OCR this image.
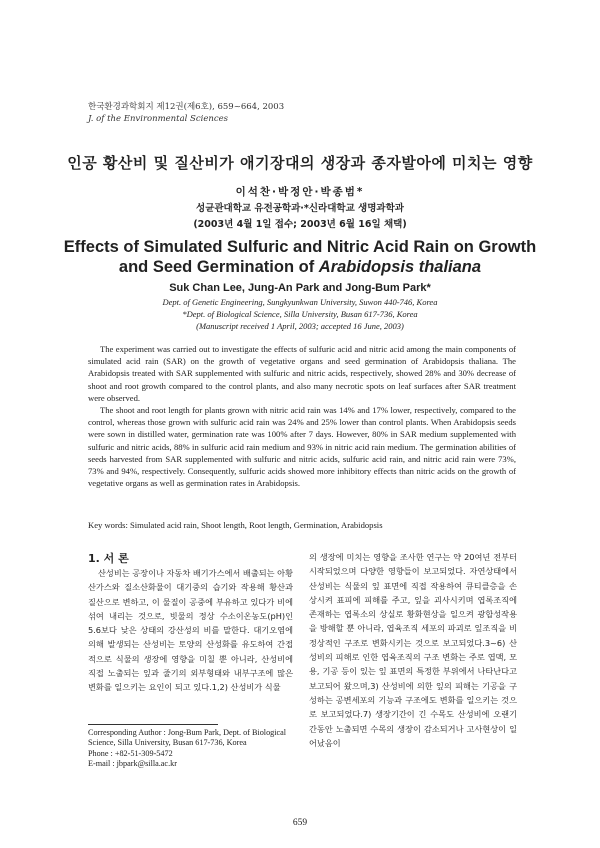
한국환경과학회지 제12권(제6호), 659~664, 2003
J. of the Environmental Sciences
인공 황산비 및 질산비가 애기장대의 생장과 종자발아에 미치는 영향
이석찬·박정안·박종범*
성균관대학교 유전공학과·*신라대학교 생명과학과
(2003년 4월 1일 접수; 2003년 6월 16일 채택)
Effects of Simulated Sulfuric and Nitric Acid Rain on Growth
and Seed Germination of Arabidopsis thaliana
Suk Chan Lee, Jung-An Park and Jong-Bum Park*
Dept. of Genetic Engineering, Sungkyunkwan University, Suwon 440-746, Korea
*Dept. of Biological Science, Silla University, Busan 617-736, Korea
(Manuscript received 1 April, 2003; accepted 16 June, 2003)

The experiment was carried out to investigate the effects of sulfuric acid and nitric acid among the main components of simulated acid rain (SAR) on the growth of vegetative organs and seed germination of Arabidopsis thaliana. The Arabidopsis treated with SAR supplemented with sulfuric and nitric acids, respectively, showed 28% and 30% decrease of shoot and root growth compared to the control plants, and also many necrotic spots on leaf surfaces after SAR treatment were observed.

The shoot and root length for plants grown with nitric acid rain was 14% and 17% lower, respectively, compared to the control, whereas those grown with sulfuric acid rain was 24% and 25% lower than control plants. When Arabidopsis seeds were sown in distilled water, germination rate was 100% after 7 days. However, 80% in SAR medium supplemented with sulfuric and nitric acids, 88% in sulfuric acid rain medium and 93% in nitric acid rain medium. The germination abilities of seeds harvested from SAR supplemented with sulfuric and nitric acids, sulfuric acid rain, and nitric acid rain were 73%, 73% and 94%, respectively. Consequently, sulfuric acids showed more inhibitory effects than nitric acids on the growth of vegetative organs as well as germination rates in Arabidopsis.

Key words: Simulated acid rain, Shoot length, Root length, Germination, Arabidopsis
1. 서 론

산성비는 공장이나 자동차 배기가스에서 배출되는 아황산가스와 질소산화물이 대기중의 습기와 작용해 황산과 질산으로 변하고, 이 물질이 공중에 부유하고 있다가 비에 섞여 내리는 것으로, 빗물의 정상 수소이온농도(pH)인 5.6보다 낮은 상태의 강산성의 비를 말한다. 대기오염에 의해 발생되는 산성비는 토양의 산성화를 유도하여 간접적으로 식물의 생장에 영향을 미칠 뿐 아니라, 산성비에 직접 노출되는 잎과 줄기의 외부형태와 내부구조에 많은 변화를 일으키는 요인이 되고 있다.1,2) 산성비가 식물

의 생장에 미치는 영향을 조사한 연구는 약 20여년 전부터 시작되었으며 다양한 영향들이 보고되었다. 자연상태에서 산성비는 식물의 잎 표면에 직접 작용하여 큐티클층을 손상시켜 표피에 피해를 주고, 잎을 괴사시키며 엽록조직에 존재하는 엽록소의 상실로 황화현상을 일으켜 광합성작용을 방해할 뿐 아니라, 엽육조직 세포의 파괴로 잎조직을 비정상적인 구조로 변화시키는 것으로 보고되었다.3~6) 산성비의 피해로 인한 엽육조직의 구조 변화는 주로 엽맥, 모용, 기공 등이 있는 잎 표면의 특정한 부위에서 나타난다고 보고되어 왔으며,3) 산성비에 의한 잎의 피해는 기공을 구성하는 공변세포의 기능과 구조에도 변화를 일으키는 것으로 보고되었다.7) 생장기간이 긴 수목도 산성비에 오랜기간동안 노출되면 수목의 생장이 감소되거나 고사현상이 일어났음이

Corresponding Author : Jong-Bum Park, Dept. of Biological Science, Silla University, Busan 617-736, Korea
Phone : +82-51-309-5472
E-mail : jbpark@silla.ac.kr
659
